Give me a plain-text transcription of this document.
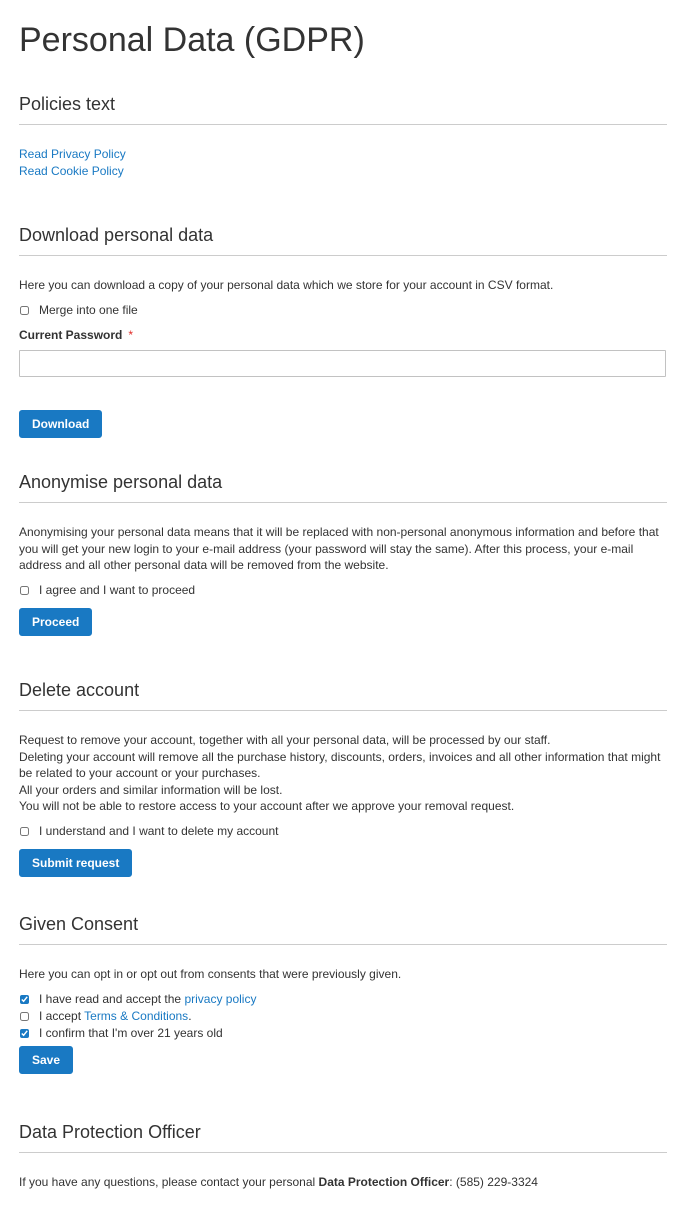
Personal Data (GDPR)
Policies text
Read Privacy Policy
Read Cookie Policy
Download personal data

Here you can download a copy of your personal data which we store for your account in CSV format.

Merge into one file
Current Password *
Download
Anonymise personal data

Anonymising your personal data means that it will be replaced with non-personal anonymous information and before that you will get your new login to your e-mail address (your password will stay the same). After this process, your e-mail address and all other personal data will be removed from the website.

I agree and I want to proceed
Proceed
Delete account

Request to remove your account, together with all your personal data, will be processed by our staff.

Deleting your account will remove all the purchase history, discounts, orders, invoices and all other information that might be related to your account or your purchases.

All your orders and similar information will be lost.

You will not be able to restore access to your account after we approve your removal request.

I understand and I want to delete my account
Submit request
Given Consent

Here you can opt in or opt out from consents that were previously given.

I have read and accept the privacy policy
I accept Terms & Conditions.
I confirm that I'm over 21 years old
Save
Data Protection Officer

If you have any questions, please contact your personal Data Protection Officer: (585) 229-3324
